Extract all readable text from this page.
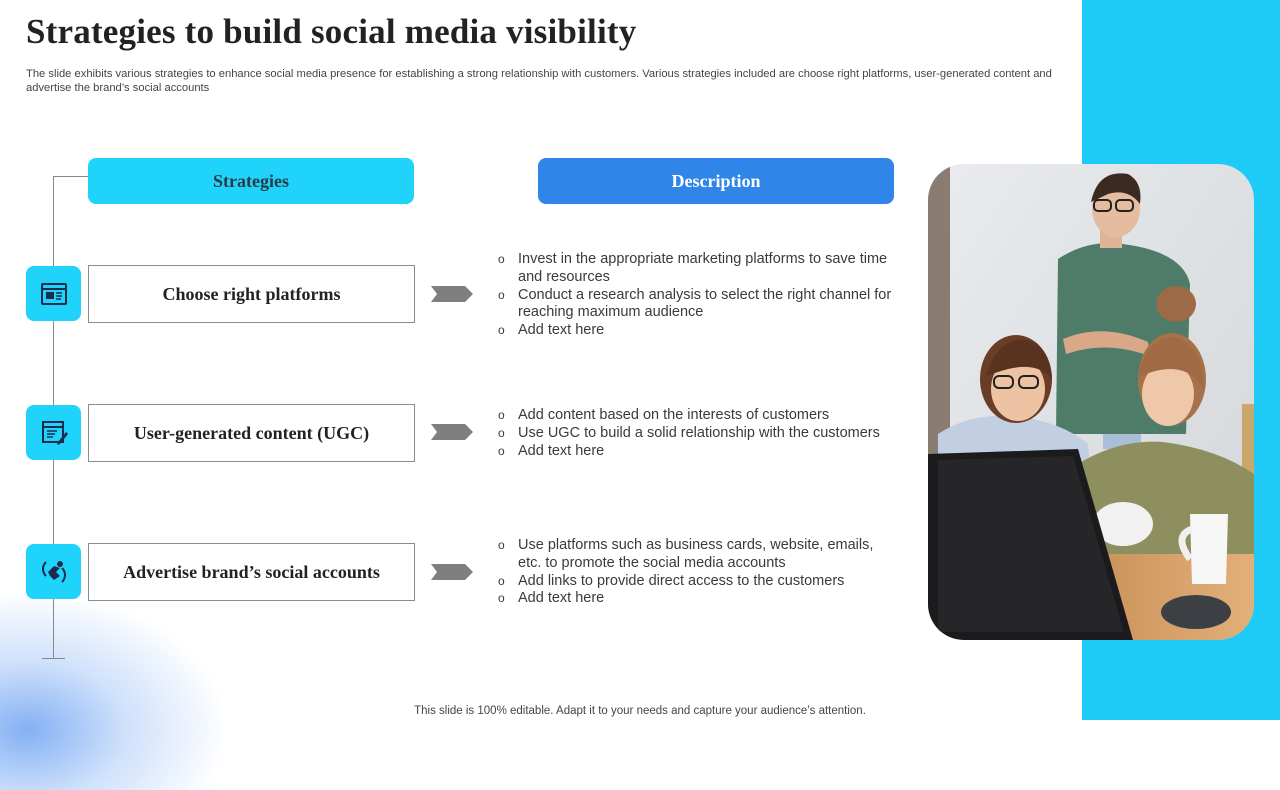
Strategies to build social media visibility

The slide exhibits various strategies to enhance social media presence for establishing a strong relationship with customers. Various strategies included are choose right platforms, user-generated content and advertise the brand’s social accounts

Strategies	Description
Choose right platforms
o Invest in the appropriate marketing platforms to save time and resources
o Conduct a research analysis to select the right channel for reaching maximum audience
o Add text here
User-generated content (UGC)
o Add content based on the interests of customers
o Use UGC to build a solid relationship with the customers
o Add text here
Advertise brand’s social accounts
o Use platforms such as business cards, website, emails, etc. to promote the social media accounts
o Add links to provide direct access to the customers
o Add text here
This slide is 100% editable. Adapt it to your needs and capture your audience’s attention.
